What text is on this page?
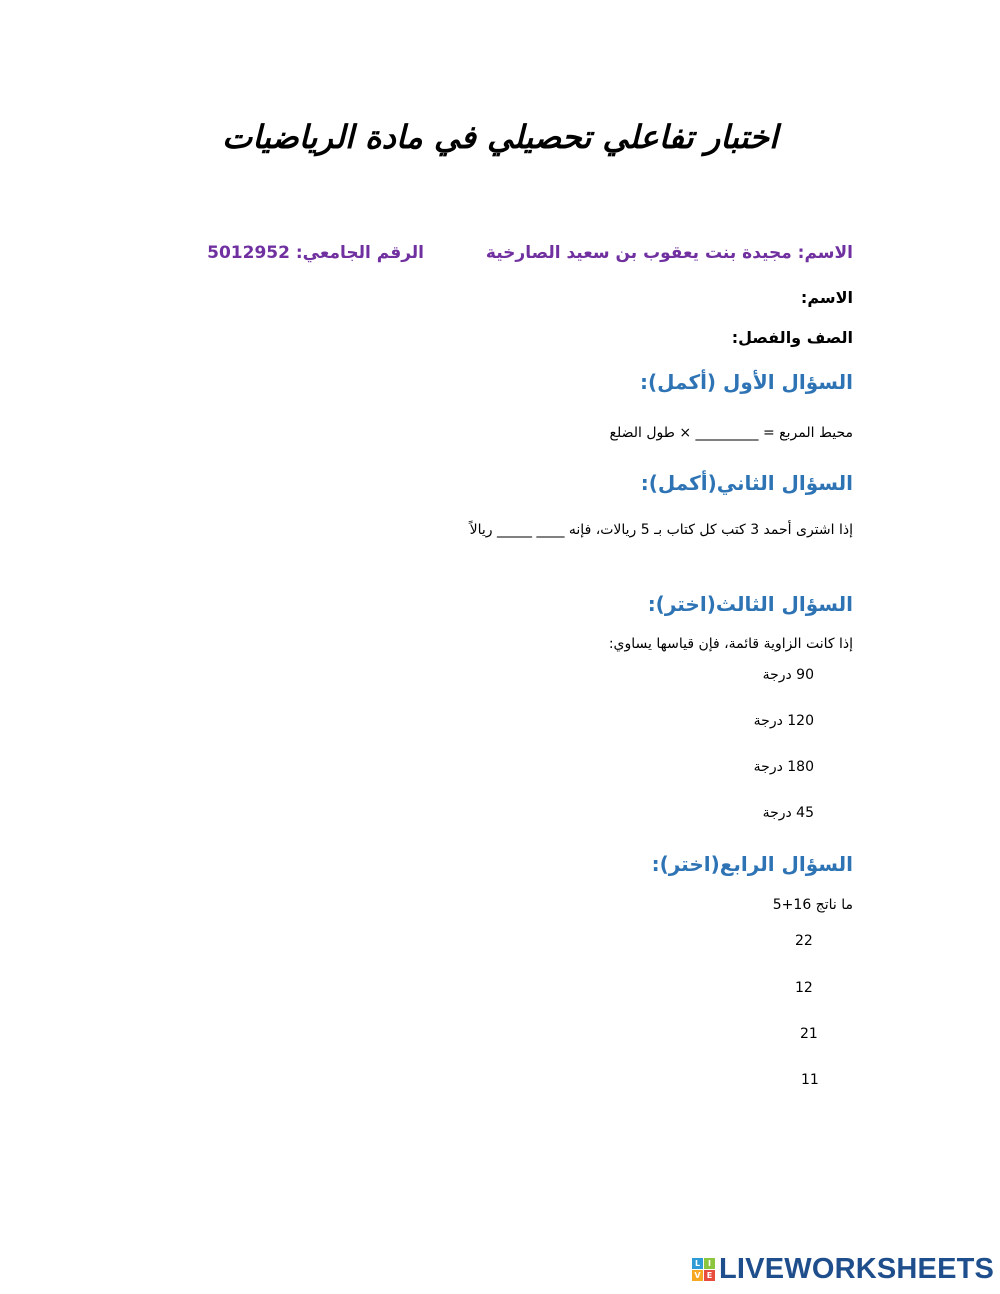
اختبار تفاعلي تحصيلي في مادة الرياضيات
الاسم: مجيدة بنت يعقوب بن سعيد الصارخية
الرقم الجامعي: 5012952
الاسم:
الصف والفصل:
السؤال الأول (أكمل):
محيط المربع = _________ × طول الضلع
السؤال الثاني(أكمل):
إذا اشترى أحمد 3 كتب كل كتاب بـ 5 ريالات، فإنه ____ _____ ريالاً
السؤال الثالث(اختر):
إذا كانت الزاوية قائمة، فإن قياسها يساوي:
90 درجة
120 درجة
180 درجة
45 درجة
السؤال الرابع(اختر):
ما ناتج 16+5
22
12
21
11
L I
V E LIVEWORKSHEETS
